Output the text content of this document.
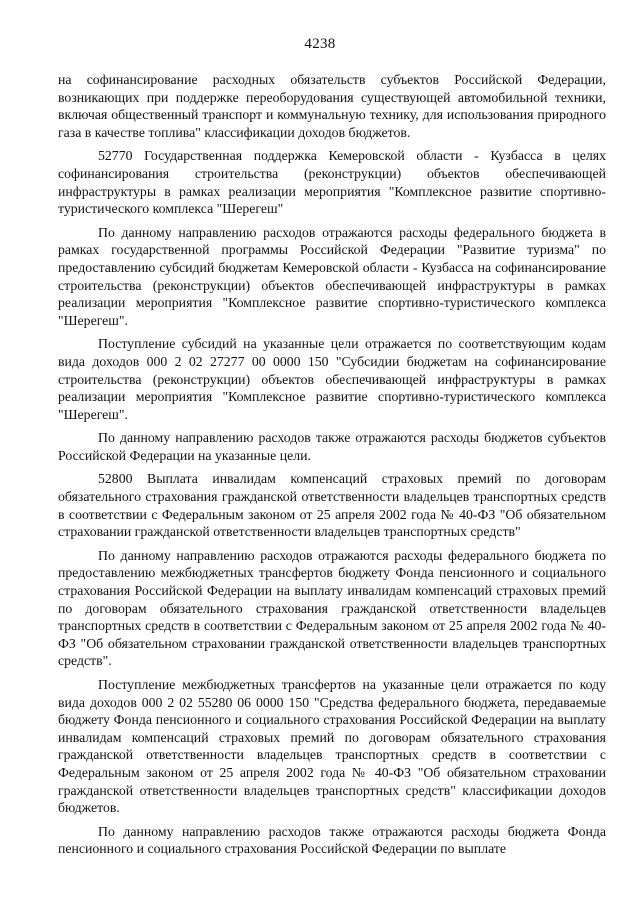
4238

на софинансирование расходных обязательств субъектов Российской Федерации, возникающих при поддержке переоборудования существующей автомобильной техники, включая общественный транспорт и коммунальную технику, для использования природного газа в качестве топлива" классификации доходов бюджетов.

52770 Государственная поддержка Кемеровской области - Кузбасса в целях софинансирования строительства (реконструкции) объектов обеспечивающей инфраструктуры в рамках реализации мероприятия "Комплексное развитие спортивно-туристического комплекса "Шерегеш"

По данному направлению расходов отражаются расходы федерального бюджета в рамках государственной программы Российской Федерации "Развитие туризма" по предоставлению субсидий бюджетам Кемеровской области - Кузбасса на софинансирование строительства (реконструкции) объектов обеспечивающей инфраструктуры в рамках реализации мероприятия "Комплексное развитие спортивно-туристического комплекса "Шерегеш".

Поступление субсидий на указанные цели отражается по соответствующим кодам вида доходов 000 2 02 27277 00 0000 150 "Субсидии бюджетам на софинансирование строительства (реконструкции) объектов обеспечивающей инфраструктуры в рамках реализации мероприятия "Комплексное развитие спортивно-туристического комплекса "Шерегеш".

По данному направлению расходов также отражаются расходы бюджетов субъектов Российской Федерации на указанные цели.

52800 Выплата инвалидам компенсаций страховых премий по договорам обязательного страхования гражданской ответственности владельцев транспортных средств в соответствии с Федеральным законом от 25 апреля 2002 года № 40-ФЗ "Об обязательном страховании гражданской ответственности владельцев транспортных средств"

По данному направлению расходов отражаются расходы федерального бюджета по предоставлению межбюджетных трансфертов бюджету Фонда пенсионного и социального страхования Российской Федерации на выплату инвалидам компенсаций страховых премий по договорам обязательного страхования гражданской ответственности владельцев транспортных средств в соответствии с Федеральным законом от 25 апреля 2002 года № 40-ФЗ "Об обязательном страховании гражданской ответственности владельцев транспортных средств".

Поступление межбюджетных трансфертов на указанные цели отражается по коду вида доходов 000 2 02 55280 06 0000 150 "Средства федерального бюджета, передаваемые бюджету Фонда пенсионного и социального страхования Российской Федерации на выплату инвалидам компенсаций страховых премий по договорам обязательного страхования гражданской ответственности владельцев транспортных средств в соответствии с Федеральным законом от 25 апреля 2002 года № 40-ФЗ "Об обязательном страховании гражданской ответственности владельцев транспортных средств" классификации доходов бюджетов.

По данному направлению расходов также отражаются расходы бюджета Фонда пенсионного и социального страхования Российской Федерации по выплате
